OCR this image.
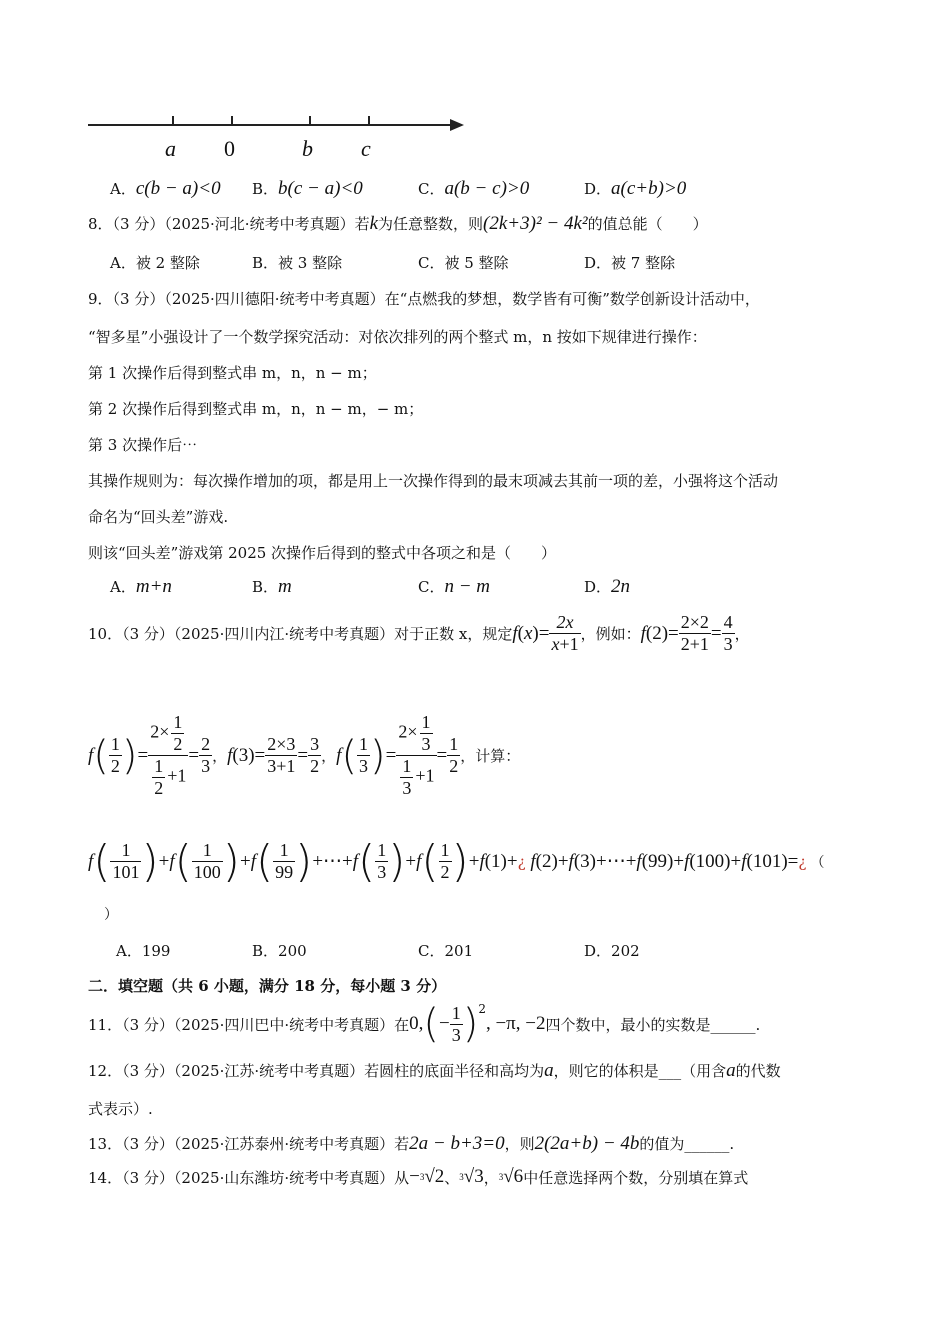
a 0	b c
A．c(b − a)<0 B．b(c − a)<0	C．a(b − c)>0	D．a(c+b)>0
8．（3 分）（2025·河北·统考中考真题）若k为任意整数，则(2k+3)² − 4k²的值总能（　　）
A．被 2 整除	B．被 3 整除	C．被 5 整除	D．被 7 整除
9．（3 分）（2025·四川德阳·统考中考真题）在“点燃我的梦想，数学皆有可衡”数学创新设计活动中，
“智多星”小强设计了一个数学探究活动：对依次排列的两个整式 m，n 按如下规律进行操作：
第 1 次操作后得到整式串 m，n，n − m；
第 2 次操作后得到整式串 m，n，n − m，− m；
第 3 次操作后⋯
其操作规则为：每次操作增加的项，都是用上一次操作得到的最末项减去其前一项的差，小强将这个活动
命名为“回头差”游戏.
则该“回头差”游戏第 2025 次操作后得到的整式中各项之和是（　　）
A．m+n	B．m	C．n − m	D．2n
10．（3 分）（2025·四川内江·统考中考真题）对于正数 x，规定 f ( x )= $\frac{2x}{x+1}$ ，例如： f $(2)= \frac{2\times 2}{2+1} = \frac{4}{3}$ ，
f ( $\frac{1}{2}$ ) = $\frac{2\times \frac{1}{2}}{\frac{1}{2} +1} = \frac{2}{3}$ ， f $(3)= \frac{2\times 3}{3+1} = \frac{3}{2}$ ， f ( $\frac{1}{3}$ ) = $\frac{2\times \frac{1}{3}}{\frac{1}{3} +1} = \frac{1}{2}$ ，计算：
f ( $\frac{1}{101}$ ) + f ( $\frac{1}{100}$ ) + f ( $\frac{1}{99}$ ) +⋯+ f ( $\frac{1}{3}$ ) + f ( $\frac{1}{2}$ ) + f (1)+ ¿ f (2)+ f (3)+⋯+ f (99)+ f (100)+ f (101)= ¿ （
）
A．199	B．200	C．201	D．202
二．填空题（共 6 小题，满分 18 分，每小题 3 分）
11．（3 分）（2025·四川巴中·统考中考真题）在 0, ( − $\frac{1}{3} )^2$
, −π, −2 四个数中，最小的实数是______.
12．（3 分）（2025·江苏·统考中考真题）若圆柱的底面半径和高均为a，则它的体积是___（用含a的代数
式表示）.
13．（3 分）（2025·江苏泰州·统考中考真题）若2a − b+3=0，则2(2a+b) − 4b的值为______.
14．（3 分）（2025·山东潍坊·统考中考真题）从 − 3 √2 、 3 √3 ， 3 √6 中任意选择两个数，分别填在算式
